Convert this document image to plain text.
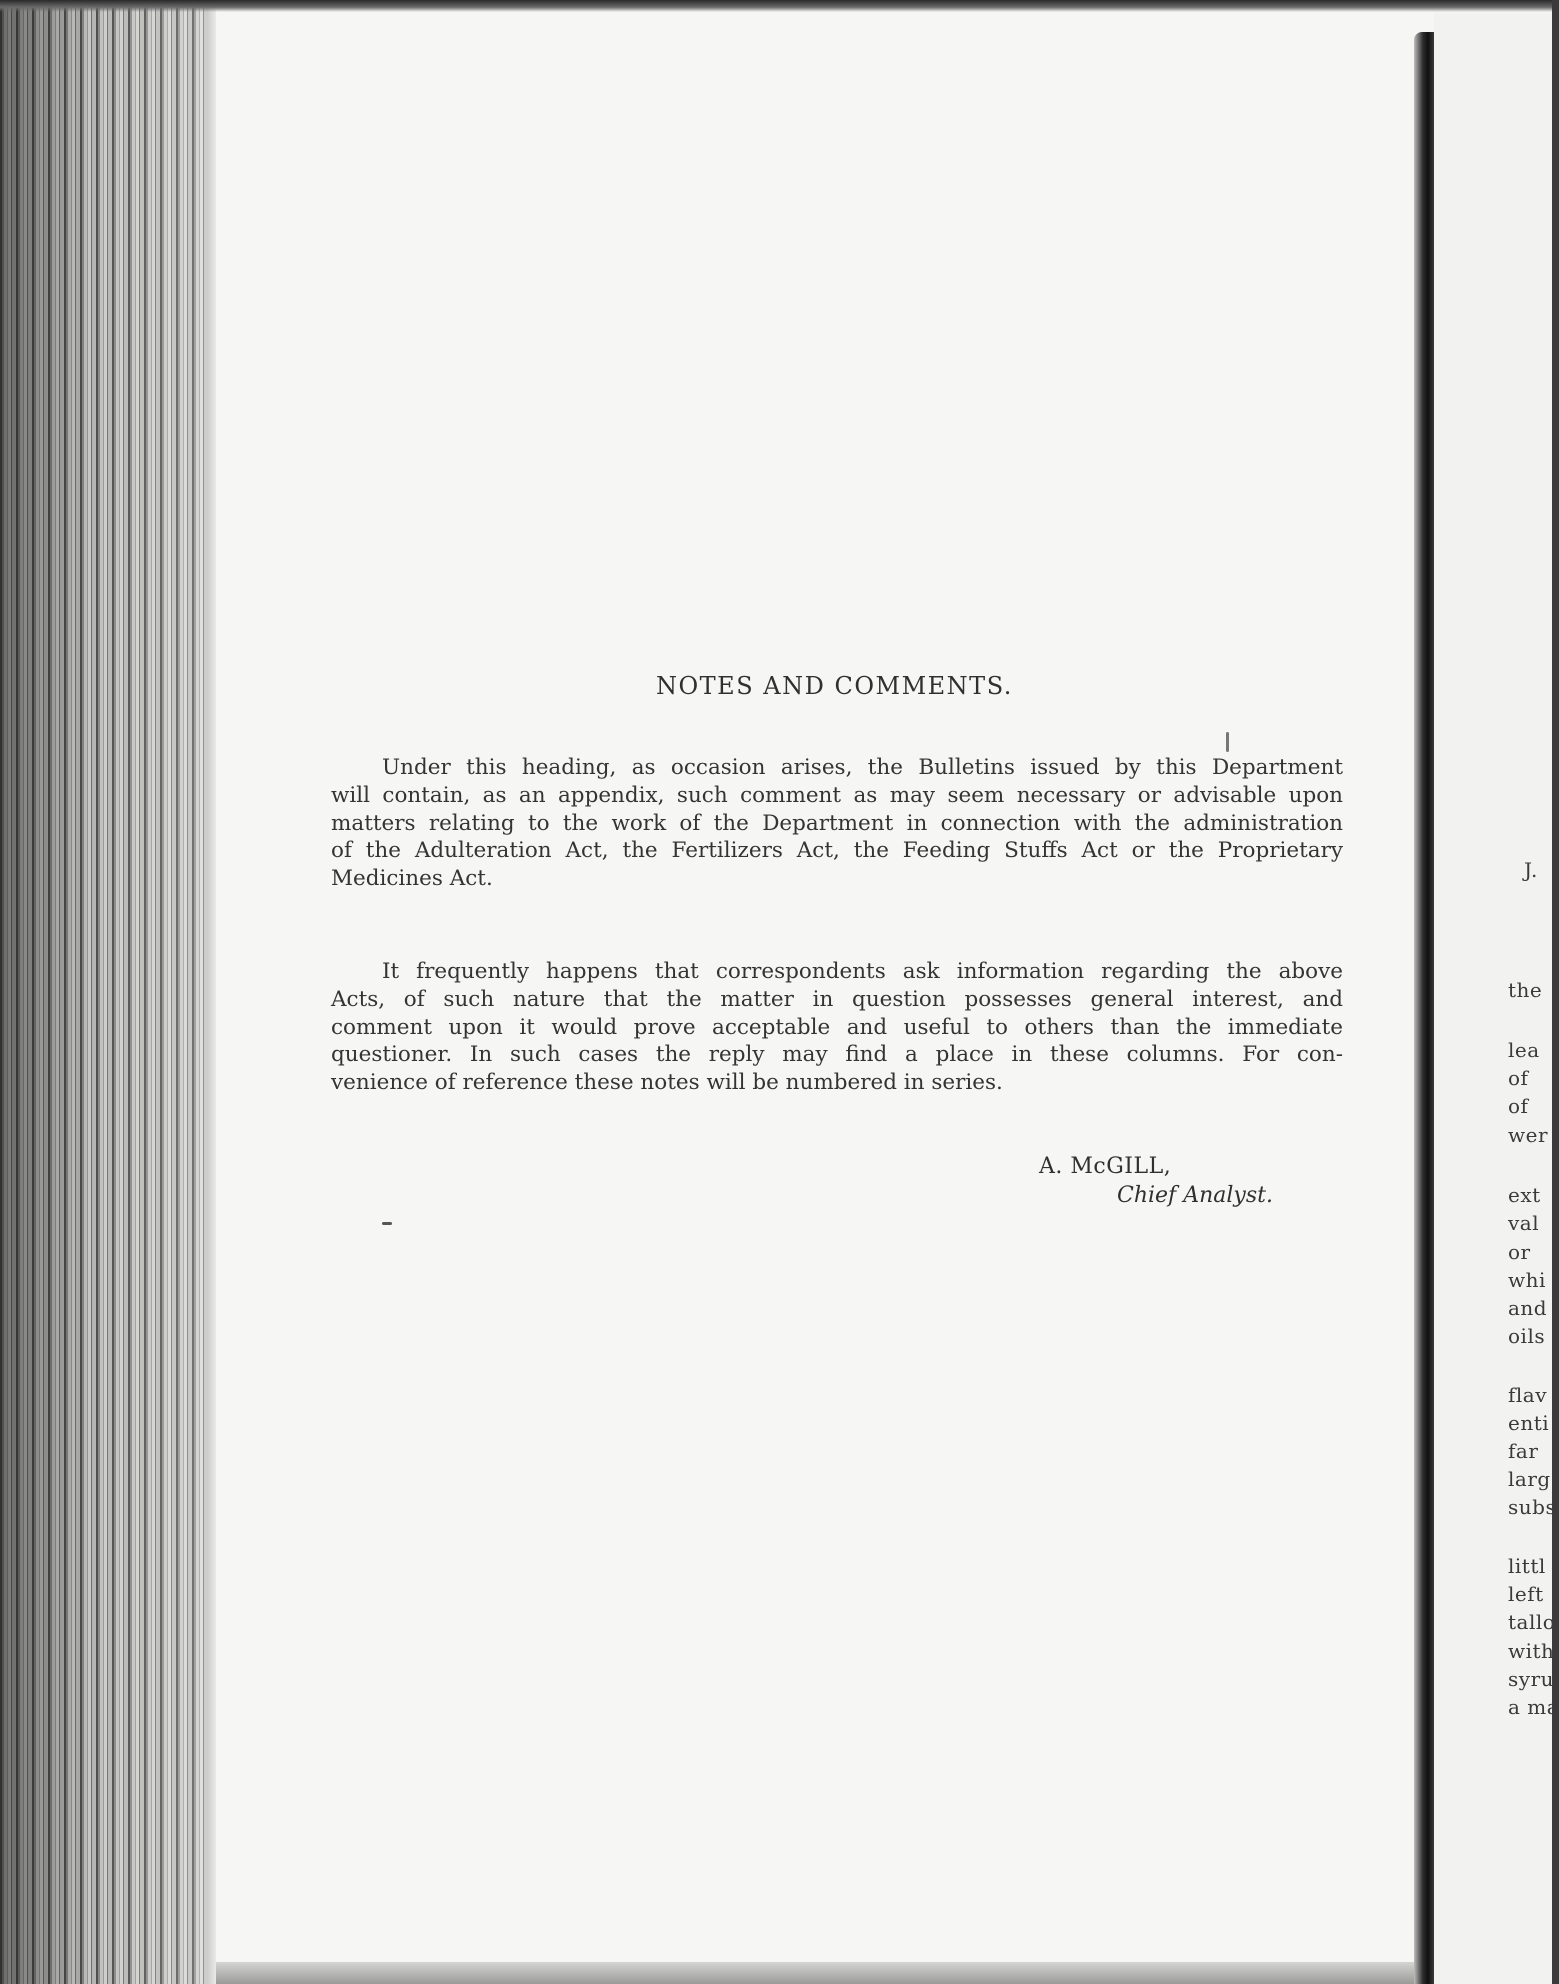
J.
the
lea
of
of
wer
ext
val
or
whi
and
oils
flav
enti
far
larg
subs
littl
left
tallo
with
syru
a ma
NOTES AND COMMENTS.

Under this heading, as occasion arises, the Bulletins issued by this Department
will contain, as an appendix, such comment as may seem necessary or advisable upon
matters relating to the work of the Department in connection with the administration
of the Adulteration Act, the Fertilizers Act, the Feeding Stuffs Act or the Proprietary
Medicines Act.

It frequently happens that correspondents ask information regarding the above
Acts, of such nature that the matter in question possesses general interest, and
comment upon it would prove acceptable and useful to others than the immediate
questioner. In such cases the reply may find a place in these columns. For con-
venience of reference these notes will be numbered in series.

A. McGILL,
Chief Analyst.
